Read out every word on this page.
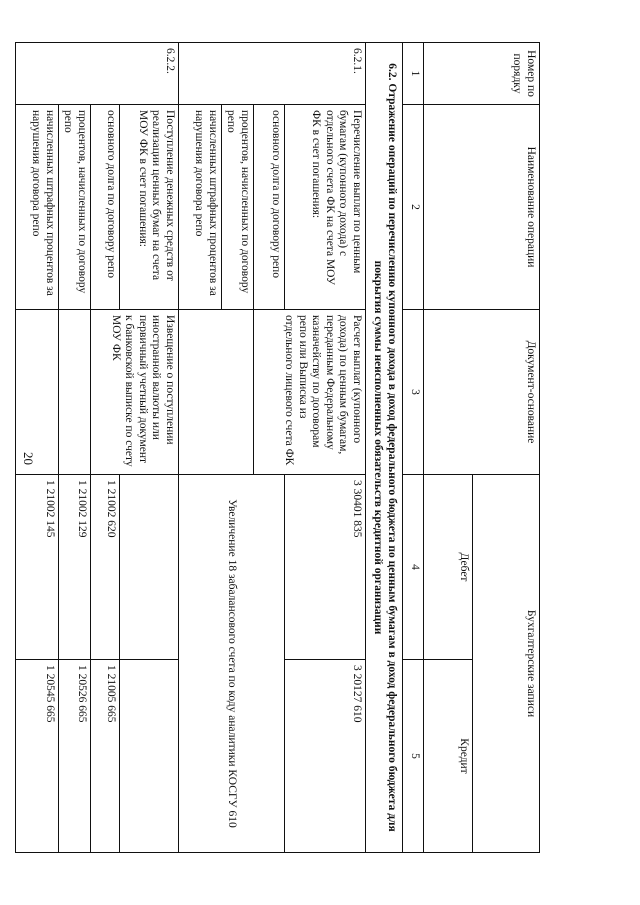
20
Номер по порядку	Наименование операции	Документ-основание	Бухгалтерские записи	
			Дебет	Кредит
1	2	3	4	5
6.2. Отражение операций по перечислению купонного дохода в доход федерального бюджета по ценным бумагам в доход федерального бюджета для покрытия суммы неисполненных обязательств кредитной организации				
6.2.1.	Перечисление выплат по ценным бумагам (купонного дохода) с отдельного счета ФК на счета МОУ ФК в счет погашения:	Расчет выплат (купонного дохода) по ценным бумагам, переданным Федеральному казначейству по договорам репо или Выписка из отдельного лицевого счета ФК	3 30401 835	3 20127 610
	основного долга по договору репо		Увеличение 18 забалансового счета по коду аналитики КОСГУ 610	
	процентов, начисленных по договору репо			
	начисленных штрафных процентов за нарушения договора репо			
6.2.2.	Поступление денежных средств от реализации ценных бумаг на счета МОУ ФК в счет погашения:	Извещение о поступлении иностранной валюты или первичный учетный документ к банковской выписке по счету МОУ ФК		
	основного долга по договору репо		1 21002 620	1 21005 665
	процентов, начисленных по договору репо		1 21002 129	1 20526 665
	начисленных штрафных процентов за нарушения договора репо		1 21002 145	1 20545 665
